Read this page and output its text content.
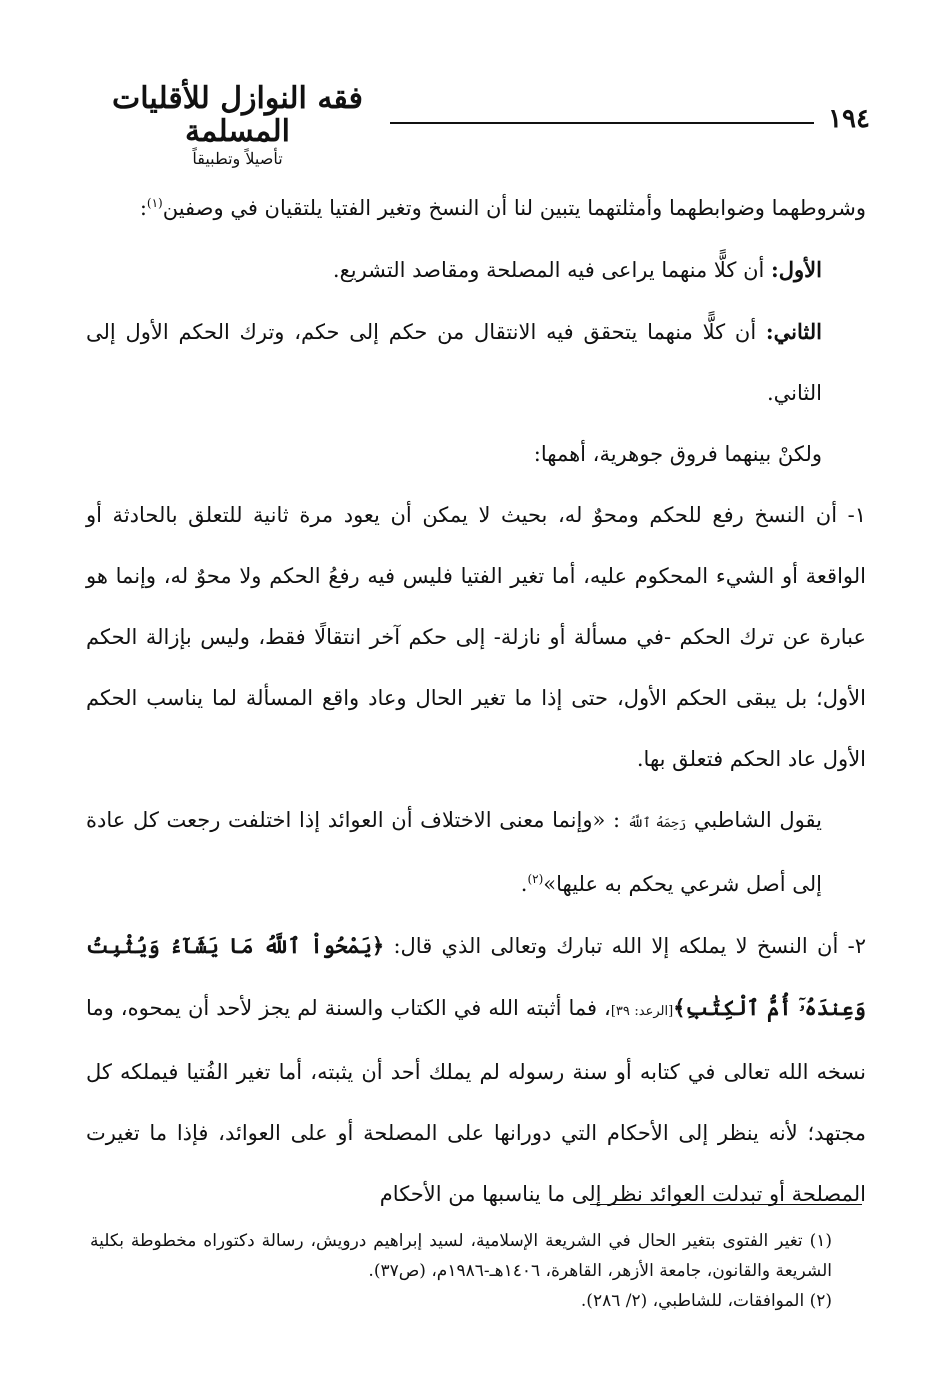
فقه النوازل للأقليات المسلمة
تأصيلاً وتطبيقاً
١٩٤

وشروطهما وضوابطهما وأمثلتهما يتبين لنا أن النسخ وتغير الفتيا يلتقيان في وصفين$^{(١)}$:

الأول: أن كلًّا منهما يراعى فيه المصلحة ومقاصد التشريع.

الثاني: أن كلًّا منهما يتحقق فيه الانتقال من حكم إلى حكم، وترك الحكم الأول إلى الثاني.

ولكنْ بينهما فروق جوهرية، أهمها:

١- أن النسخ رفع للحكم ومحوٌ له، بحيث لا يمكن أن يعود مرة ثانية للتعلق بالحادثة أو الواقعة أو الشيء المحكوم عليه، أما تغير الفتيا فليس فيه رفعُ الحكم ولا محوٌ له، وإنما هو عبارة عن ترك الحكم -في مسألة أو نازلة- إلى حكم آخر انتقالًا فقط، وليس بإزالة الحكم الأول؛ بل يبقى الحكم الأول، حتى إذا ما تغير الحال وعاد واقع المسألة لما يناسب الحكم الأول عاد الحكم فتعلق بها.

يقول الشاطبي رَحِمَهُ ٱللَّهُ : «وإنما معنى الاختلاف أن العوائد إذا اختلفت رجعت كل عادة إلى أصل شرعي يحكم به عليها»$^{(٢)}$.

٢- أن النسخ لا يملكه إلا الله تبارك وتعالى الذي قال: ﴿يَمْحُواْ ٱللَّهُ مَا يَشَآءُ وَيُثْبِتُ وَعِندَهُۥٓ أُمُّ ٱلْكِتَٰبِ﴾[الرعد: ٣٩]، فما أثبته الله في الكتاب والسنة لم يجز لأحد أن يمحوه، وما نسخه الله تعالى في كتابه أو سنة رسوله لم يملك أحد أن يثبته، أما تغير الفُتيا فيملكه كل مجتهد؛ لأنه ينظر إلى الأحكام التي دورانها على المصلحة أو على العوائد، فإذا ما تغيرت المصلحة أو تبدلت العوائد نظر إلى ما يناسبها من الأحكام

(١) تغير الفتوى بتغير الحال في الشريعة الإسلامية، لسيد إبراهيم درويش، رسالة دكتوراه مخطوطة بكلية الشريعة والقانون، جامعة الأزهر، القاهرة، ١٤٠٦هـ-١٩٨٦م، (ص٣٧).

(٢) الموافقات، للشاطبي، (٢/ ٢٨٦).
